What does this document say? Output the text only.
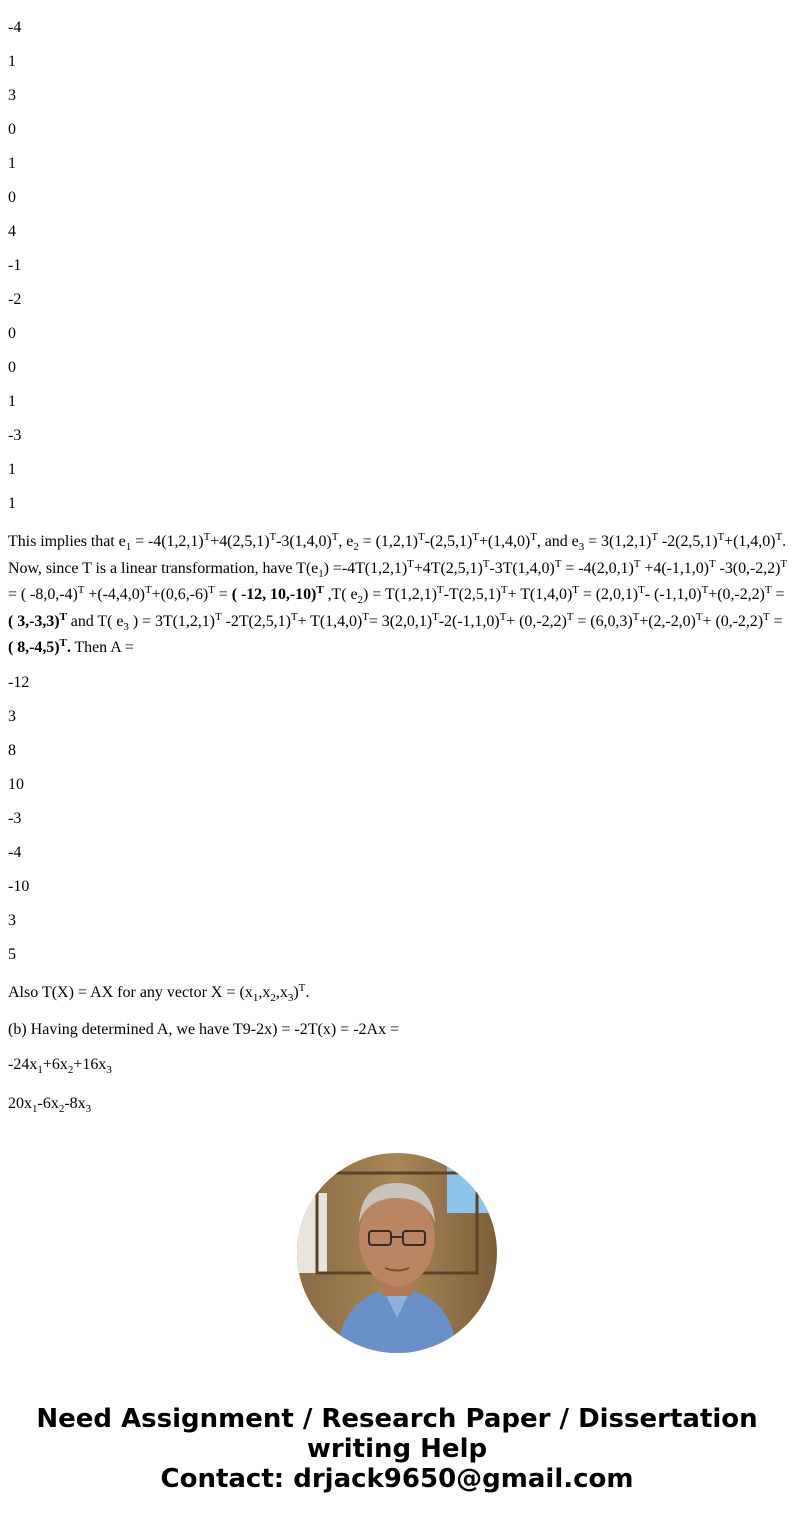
-4

1

3

0

1

0

4

-1

-2

0

0

1

-3

1

1

This implies that $e_1 = -4(1,2,1)^T+4(2,5,1)^T-3(1,4,0)^T$, $e_2 = (1,2,1)^T-(2,5,1)^T+(1,4,0)^T$, and $e_3 = 3(1,2,1)^T$ $-2(2,5,1)^T+(1,4,0)^T$. Now, since T is a linear transformation, have $T(e_1) =-4T(1,2,1)^T+4T(2,5,1)^T-3T(1,4,0)^T = -4(2,0,1)^T +4(-1,1,0)^T$ $-3(0,-2,2)^T$ = ( $-8,0,-4)^T +(-4,4,0)^T+(0,6,-6)^T$ = ( -12, 10,-10)$^T$ ,T( $e_2) = T(1,2,1)^T-T(2,5,1)^T+ T(1,4,0)^T = (2,0,1)^T-$ $(-1,1,0)^T+(0,-2,2)^T$ = ( 3,-3,3)$^T$ and T( $e_3$ ) = $3T(1,2,1)^T$ $-2T(2,5,1)^T+ T(1,4,0)^T= 3(2,0,1)^T-2(-1,1,0)^T+ (0,-2,2)^T = (6,0,3)^T+(2,-2,0)^T+ (0,-2,2)^T$ = ( 8,-4,5)$^T$. Then A =

-12

3

8

10

-3

-4

-10

3

5

Also T(X) = AX for any vector $X = (x_1,x_2,x_3)^T$.

(b) Having determined A, we have T9-2x) = -2T(x) = -2Ax =

$-24x_1+6x_2+16x_3$

$20x_1-6x_2-8x_3$

Need Assignment / Research Paper / Dissertation

writing Help

Contact: drjack9650@gmail.com
